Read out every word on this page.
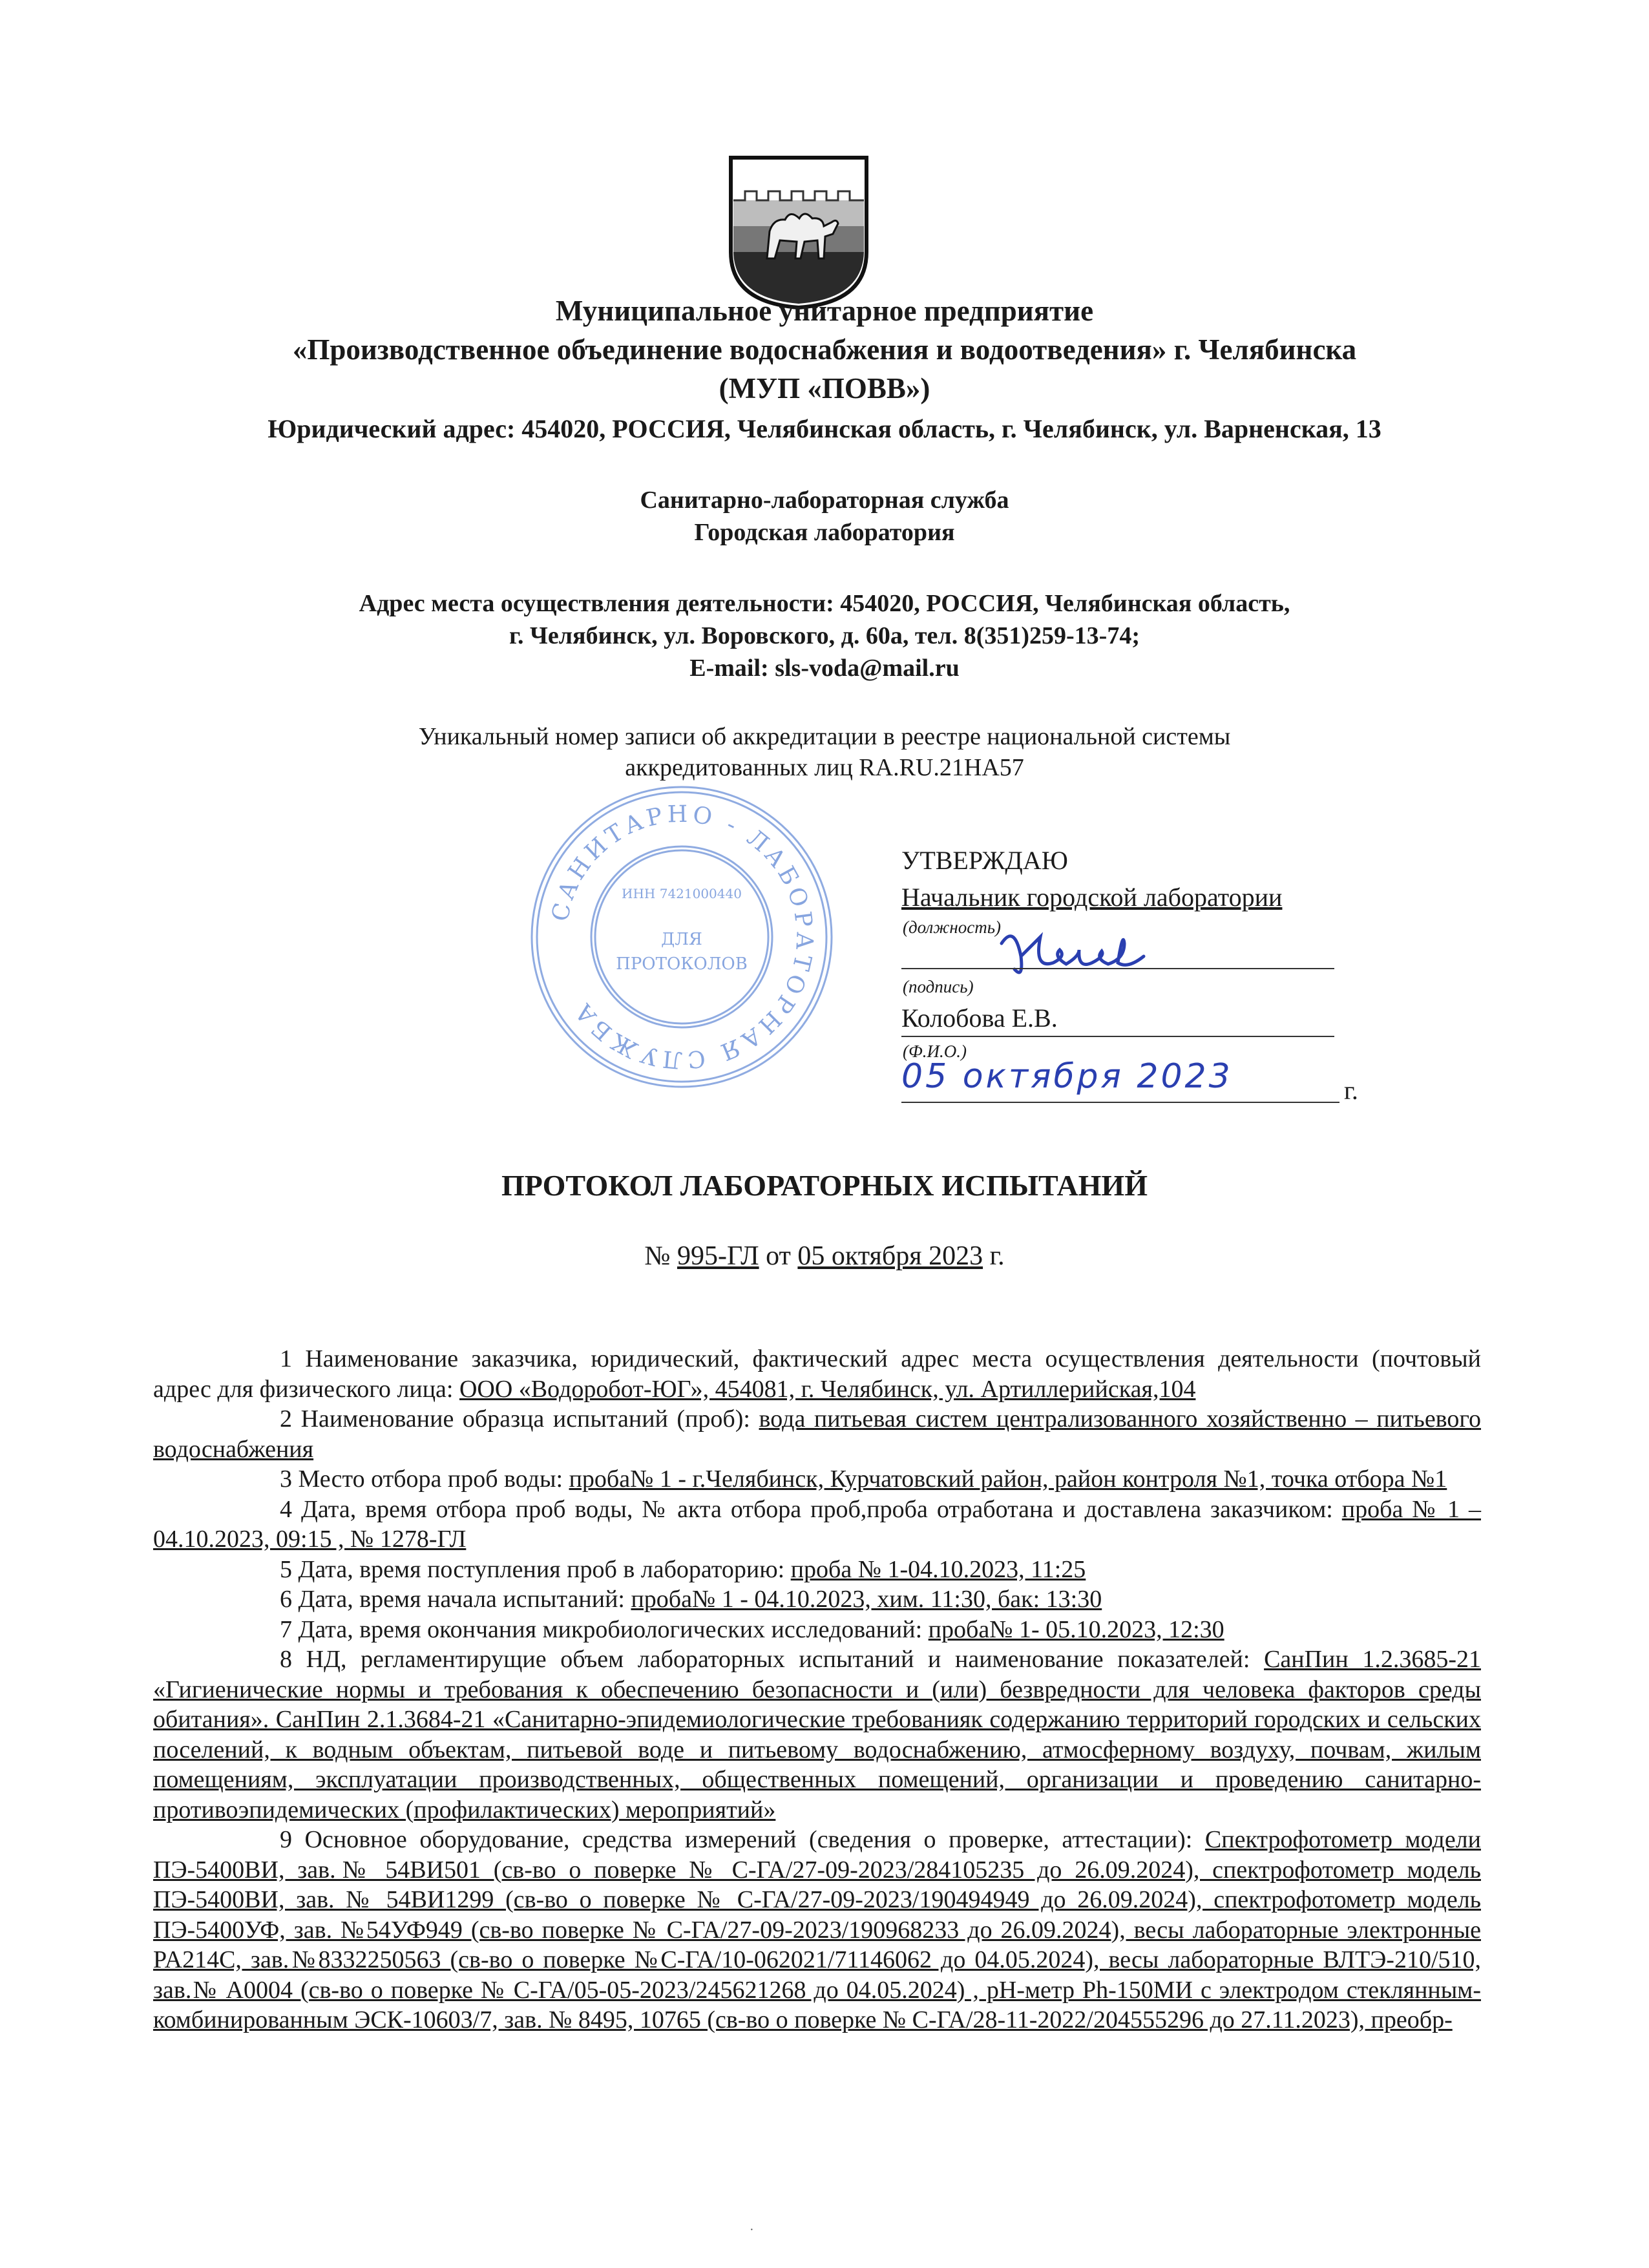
Муниципальное унитарное предприятие
«Производственное объединение водоснабжения и водоотведения» г. Челябинска
(МУП «ПОВВ»)
Юридический адрес: 454020, РОССИЯ, Челябинская область, г. Челябинск, ул. Варненская, 13
Санитарно-лабораторная служба
Городская лаборатория
Адрес места осуществления деятельности: 454020, РОССИЯ, Челябинская область,
г. Челябинск, ул. Воровского, д. 60а, тел. 8(351)259-13-74;
E-mail: sls-voda@mail.ru
Уникальный номер записи об аккредитации в реестре национальной системы
аккредитованных лиц RA.RU.21HA57
САНИТАРНО - ЛАБОРАТОРНАЯ СЛУЖБА
ИНН 7421000440
ДЛЯ
ПРОТОКОЛОВ
УТВЕРЖДАЮ
Начальник городской лаборатории
(должность)
(подпись)
Колобова Е.В.
(Ф.И.О.)
05 октября 2023	г.
ПРОТОКОЛ ЛАБОРАТОРНЫХ ИСПЫТАНИЙ
№ 995-ГЛ от 05 октября 2023 г.

1 Наименование заказчика, юридический, фактический адрес места осуществления деятельности (почтовый адрес для физического лица: ООО «Водоробот-ЮГ», 454081, г. Челябинск, ул. Артиллерийская,104

2 Наименование образца испытаний (проб): вода питьевая систем централизованного хозяйственно – питьевого водоснабжения

3 Место отбора проб воды: проба№ 1 - г.Челябинск, Курчатовский район, район контроля №1, точка отбора №1

4 Дата, время отбора проб воды, № акта отбора проб,проба отработана и доставлена заказчиком: проба № 1 – 04.10.2023, 09:15 , № 1278-ГЛ

5 Дата, время поступления проб в лабораторию: проба № 1-04.10.2023, 11:25

6 Дата, время начала испытаний: проба№ 1 - 04.10.2023, хим. 11:30, бак: 13:30

7 Дата, время окончания микробиологических исследований: проба№ 1- 05.10.2023, 12:30

8 НД, регламентирущие объем лабораторных испытаний и наименование показателей: СанПин 1.2.3685-21 «Гигиенические нормы и требования к обеспечению безопасности и (или) безвредности для человека факторов среды обитания». СанПин 2.1.3684-21 «Санитарно-эпидемиологические требованияк содержанию территорий городских и сельских поселений, к водным объектам, питьевой воде и питьевому водоснабжению, атмосферному воздуху, почвам, жилым помещениям, эксплуатации производственных, общественных помещений, организации и проведению санитарно-противоэпидемических (профилактических) мероприятий»

9 Основное оборудование, средства измерений (сведения о проверке, аттестации): Спектрофотометр модели ПЭ-5400ВИ, зав.№ 54ВИ501 (св-во о поверке № С-ГА/27-09-2023/284105235 до 26.09.2024), спектрофотометр модель ПЭ-5400ВИ, зав. № 54ВИ1299 (св-во о поверке № С-ГА/27-09-2023/190494949 до 26.09.2024), спектрофотометр модель ПЭ-5400УФ, зав. №54УФ949 (св-во поверке № С-ГА/27-09-2023/190968233 до 26.09.2024), весы лабораторные электронные PA214C, зав.№8332250563 (св-во о поверке №С-ГА/10-062021/71146062 до 04.05.2024), весы лабораторные ВЛТЭ-210/510, зав.№ А0004 (св-во о поверке № С-ГА/05-05-2023/245621268 до 04.05.2024) , pH-метр Ph-150МИ с электродом стеклянным-комбинированным ЭСК-10603/7, зав. № 8495, 10765 (св-во о поверке № С-ГА/28-11-2022/204555296 до 27.11.2023), преобр-

·
